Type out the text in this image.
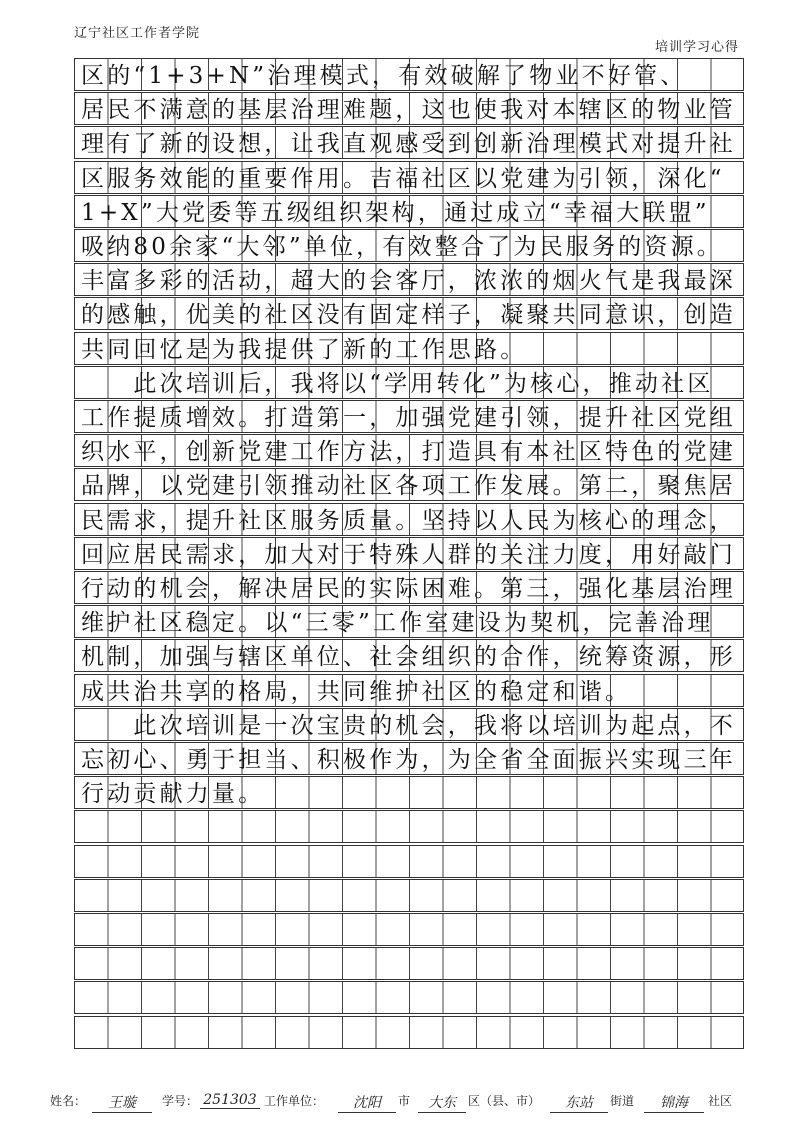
辽宁社区工作者学院
培训学习心得
区的“1+3+N”治理模式，有效破解了物业不好管、
居民不满意的基层治理难题，这也使我对本辖区的物业管
理有了新的设想，让我直观感受到创新治理模式对提升社
区服务效能的重要作用。吉福社区以党建为引领，深化“
1+X”大党委等五级组织架构，通过成立“幸福大联盟”
吸纳80余家“大邻”单位，有效整合了为民服务的资源。
丰富多彩的活动，超大的会客厅，浓浓的烟火气是我最深
的感触，优美的社区没有固定样子，凝聚共同意识，创造
共同回忆是为我提供了新的工作思路。
　　此次培训后，我将以“学用转化”为核心，推动社区
工作提质增效。打造第一，加强党建引领，提升社区党组
织水平，创新党建工作方法，打造具有本社区特色的党建
品牌，以党建引领推动社区各项工作发展。第二，聚焦居
民需求，提升社区服务质量。坚持以人民为核心的理念，
回应居民需求，加大对于特殊人群的关注力度，用好敲门
行动的机会，解决居民的实际困难。第三，强化基层治理
维护社区稳定。以“三零”工作室建设为契机，完善治理
机制，加强与辖区单位、社会组织的合作，统筹资源，形
成共治共享的格局，共同维护社区的稳定和谐。
　　此次培训是一次宝贵的机会，我将以培训为起点，不
忘初心、勇于担当、积极作为，为全省全面振兴实现三年
行动贡献力量。
姓名：	王璇	学号： 251303 工作单位：	沈阳	市	大东	区（县、市）	东站	街道	锦海	社区
